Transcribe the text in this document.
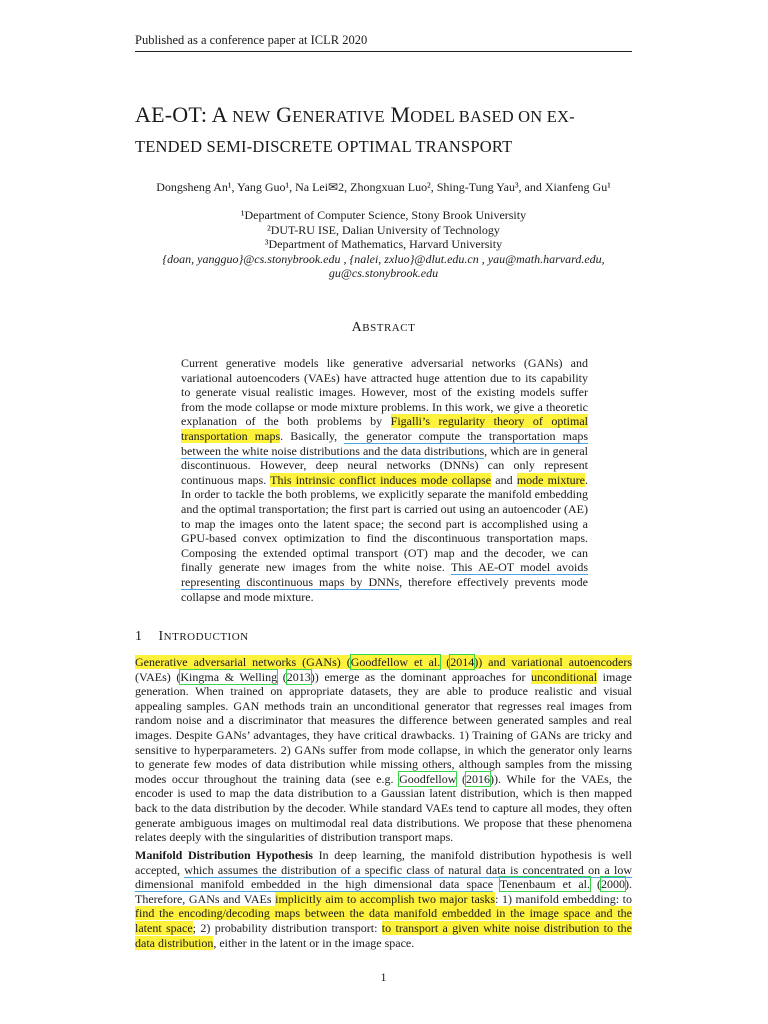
Published as a conference paper at ICLR 2020
AE-OT: A NEW GENERATIVE MODEL BASED ON EX-
TENDED SEMI-DISCRETE OPTIMAL TRANSPORT
Dongsheng An¹, Yang Guo¹, Na Lei✉2, Zhongxuan Luo², Shing-Tung Yau³, and Xianfeng Gu¹
¹Department of Computer Science, Stony Brook University
²DUT-RU ISE, Dalian University of Technology
³Department of Mathematics, Harvard University
{doan, yangguo}@cs.stonybrook.edu , {nalei, zxluo}@dlut.edu.cn , yau@math.harvard.edu,
gu@cs.stonybrook.edu
ABSTRACT
Current generative models like generative adversarial networks (GANs) and variational autoencoders (VAEs) have attracted huge attention due to its capability to generate visual realistic images. However, most of the existing models suffer from the mode collapse or mode mixture problems. In this work, we give a theoretic explanation of the both problems by Figalli’s regularity theory of optimal transportation maps. Basically, the generator compute the transportation maps between the white noise distributions and the data distributions, which are in general discontinuous. However, deep neural networks (DNNs) can only represent continuous maps. This intrinsic conflict induces mode collapse and mode mixture. In order to tackle the both problems, we explicitly separate the manifold embedding and the optimal transportation; the first part is carried out using an autoencoder (AE) to map the images onto the latent space; the second part is accomplished using a GPU-based convex optimization to find the discontinuous transportation maps. Composing the extended optimal transport (OT) map and the decoder, we can finally generate new images from the white noise. This AE-OT model avoids representing discontinuous maps by DNNs, therefore effectively prevents mode collapse and mode mixture.
1 INTRODUCTION
Generative adversarial networks (GANs) (Goodfellow et al. (2014)) and variational autoencoders (VAEs) (Kingma & Welling (2013)) emerge as the dominant approaches for unconditional image generation. When trained on appropriate datasets, they are able to produce realistic and visual appealing samples. GAN methods train an unconditional generator that regresses real images from random noise and a discriminator that measures the difference between generated samples and real images. Despite GANs’ advantages, they have critical drawbacks. 1) Training of GANs are tricky and sensitive to hyperparameters. 2) GANs suffer from mode collapse, in which the generator only learns to generate few modes of data distribution while missing others, although samples from the missing modes occur throughout the training data (see e.g. Goodfellow (2016)). While for the VAEs, the encoder is used to map the data distribution to a Gaussian latent distribution, which is then mapped back to the data distribution by the decoder. While standard VAEs tend to capture all modes, they often generate ambiguous images on multimodal real data distributions. We propose that these phenomena relates deeply with the singularities of distribution transport maps.
Manifold Distribution Hypothesis In deep learning, the manifold distribution hypothesis is well accepted, which assumes the distribution of a specific class of natural data is concentrated on a low dimensional manifold embedded in the high dimensional data space Tenenbaum et al. (2000). Therefore, GANs and VAEs implicitly aim to accomplish two major tasks: 1) manifold embedding: to find the encoding/decoding maps between the data manifold embedded in the image space and the latent space; 2) probability distribution transport: to transport a given white noise distribution to the data distribution, either in the latent or in the image space.
1
